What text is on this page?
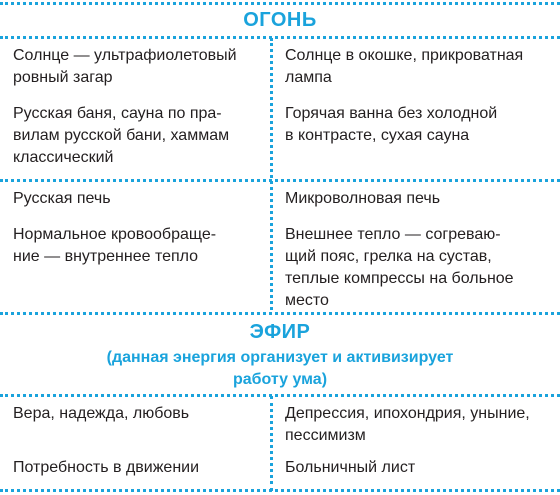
ОГОНЬ
Солнце — ультрафиолетовый
ровный загар
Русская баня, сауна по пра-
вилам русской бани, хаммам
классический
Солнце в окошке, прикроватная
лампа
Горячая ванна без холодной
в контрасте, сухая сауна
Русская печь
Нормальное кровообраще-
ние — внутреннее тепло
Микроволновая печь
Внешнее тепло — согреваю-
щий пояс, грелка на сустав,
теплые компрессы на больное
место
ЭФИР
(данная энергия организует и активизирует
работу ума)
Вера, надежда, любовь
Потребность в движении
Депрессия, ипохондрия, уныние,
пессимизм
Больничный лист
